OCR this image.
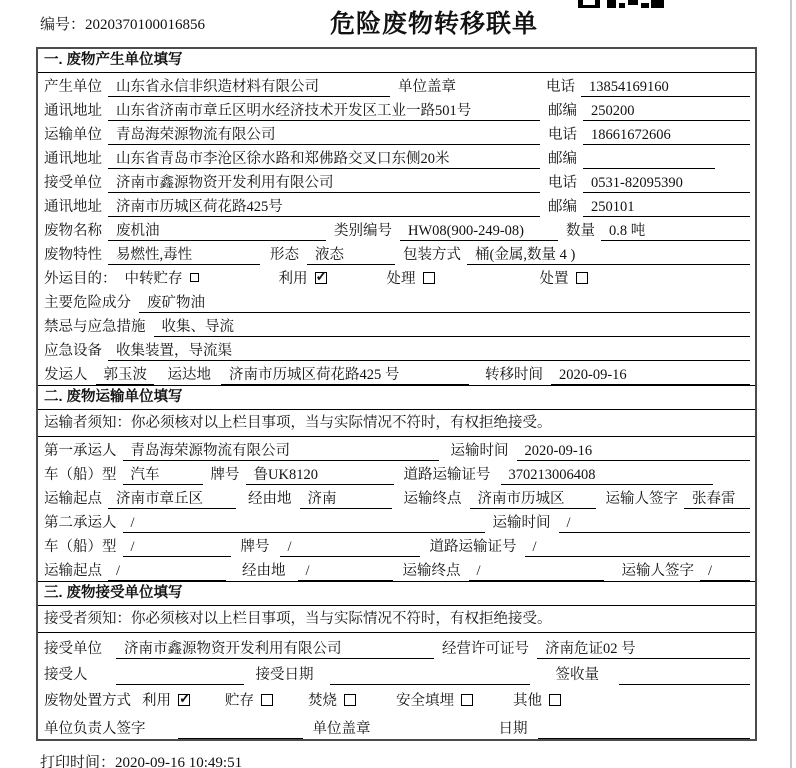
编号：2020370100016856	危险废物转移联单
一. 废物产生单位填写
产生单位 山东省永信非织造材料有限公司	单位盖章	电话 13854169160
通讯地址 山东省济南市章丘区明水经济技术开发区工业一路501号	邮编 250200
运输单位 青岛海荣源物流有限公司	电话 18661672606
通讯地址 山东省青岛市李沧区徐水路和郑佛路交叉口东侧20米	邮编
接受单位 济南市鑫源物资开发利用有限公司	电话 0531-82095390
通讯地址 济南市历城区荷花路425号	邮编 250101
废物名称 废机油	类别编号	HW08(900-249-08)	数量 0.8 吨
废物特性 易燃性,毒性	形态	液态	包装方式 桶(金属,数量 4 )
外运目的： 中转贮存	利用 ✓	处理	处置
主要危险成分	废矿物油
禁忌与应急措施	收集、导流
应急设备 收集装置，导流渠
发运人	郭玉波	运达地	济南市历城区荷花路425 号	转移时间	2020-09-16
二. 废物运输单位填写
运输者须知：你必须核对以上栏目事项，当与实际情况不符时，有权拒绝接受。
第一承运人 青岛海荣源物流有限公司	运输时间	2020-09-16
车（船）型 汽车	牌号 鲁UK8120	道路运输证号	370213006408
运输起点 济南市章丘区	经由地	济南	运输终点	济南市历城区	运输人签字 张春雷
第二承运人 /	运输时间	/
车（船）型 /	牌号	/	道路运输证号	/
运输起点 /	经由地	/	运输终点	/	运输人签字 /
三. 废物接受单位填写
接受者须知：你必须核对以上栏目事项，当与实际情况不符时，有权拒绝接受。
接受单位	济南市鑫源物资开发利用有限公司	经营许可证号	济南危证02 号
接受人	接受日期	签收量
废物处置方式 利用 ✓	贮存	焚烧	安全填埋	其他
单位负责人签字	单位盖章	日期
打印时间：2020-09-16 10:49:51
